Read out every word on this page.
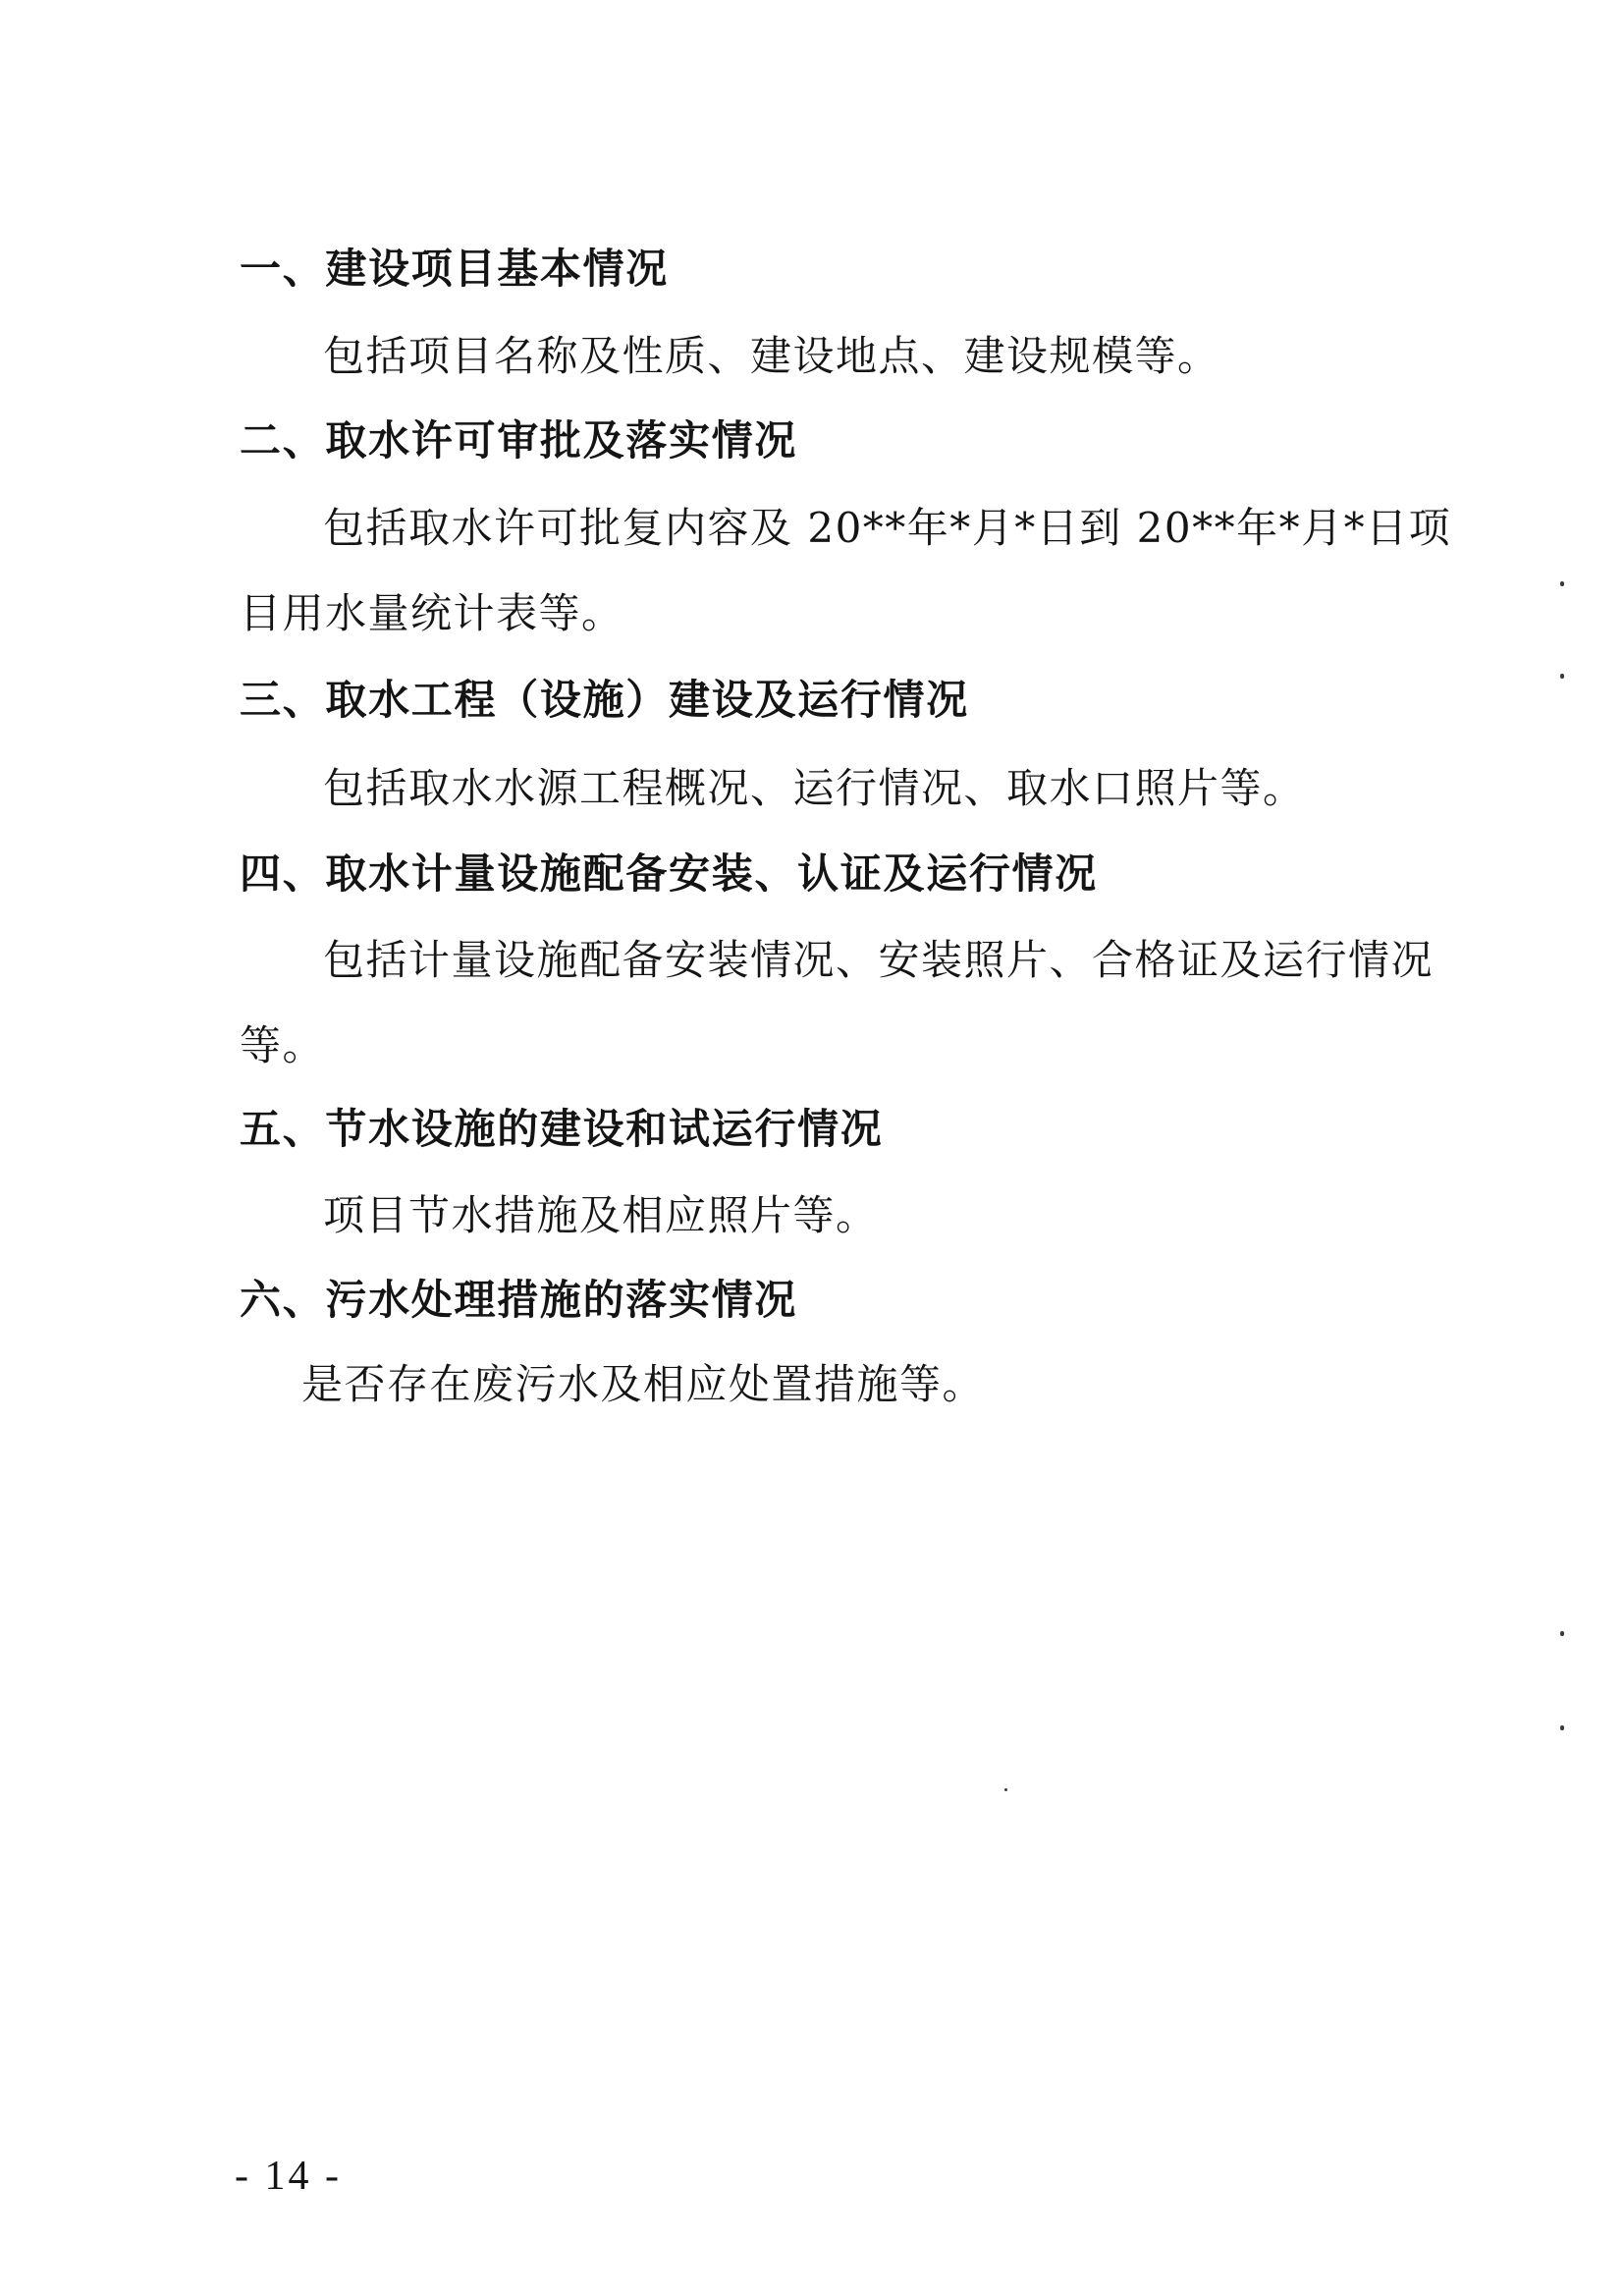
一、建设项目基本情况
包括项目名称及性质、建设地点、建设规模等。
二、取水许可审批及落实情况
包括取水许可批复内容及 20**年*月*日到 20**年*月*日项
目用水量统计表等。
三、取水工程（设施）建设及运行情况
包括取水水源工程概况、运行情况、取水口照片等。
四、取水计量设施配备安装、认证及运行情况
包括计量设施配备安装情况、安装照片、合格证及运行情况
等。
五、节水设施的建设和试运行情况
项目节水措施及相应照片等。
六、污水处理措施的落实情况
是否存在废污水及相应处置措施等。
- 14 -
